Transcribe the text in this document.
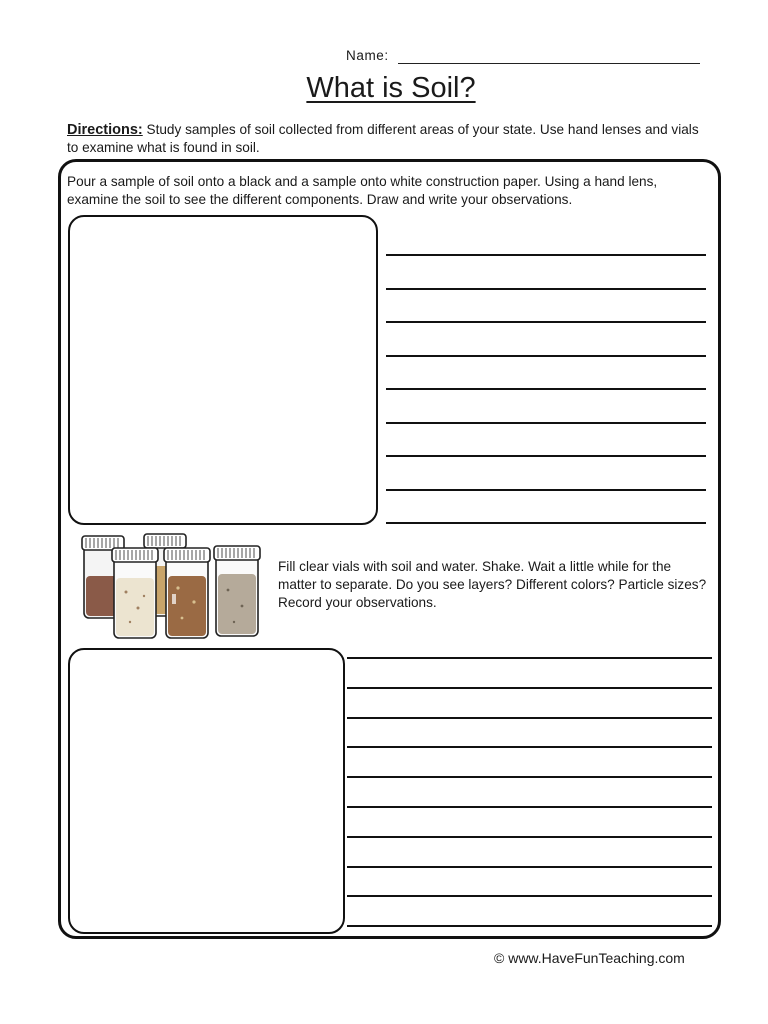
Name:
What is Soil?
Directions: Study samples of soil collected from different areas of your state. Use hand lenses and vials to examine what is found in soil.
Pour a sample of soil onto a black and a sample onto white construction paper. Using a hand lens, examine the soil to see the different components. Draw and write your observations.
Fill clear vials with soil and water. Shake. Wait a little while for the matter to separate. Do you see layers? Different colors? Particle sizes? Record your observations.
© www.HaveFunTeaching.com
